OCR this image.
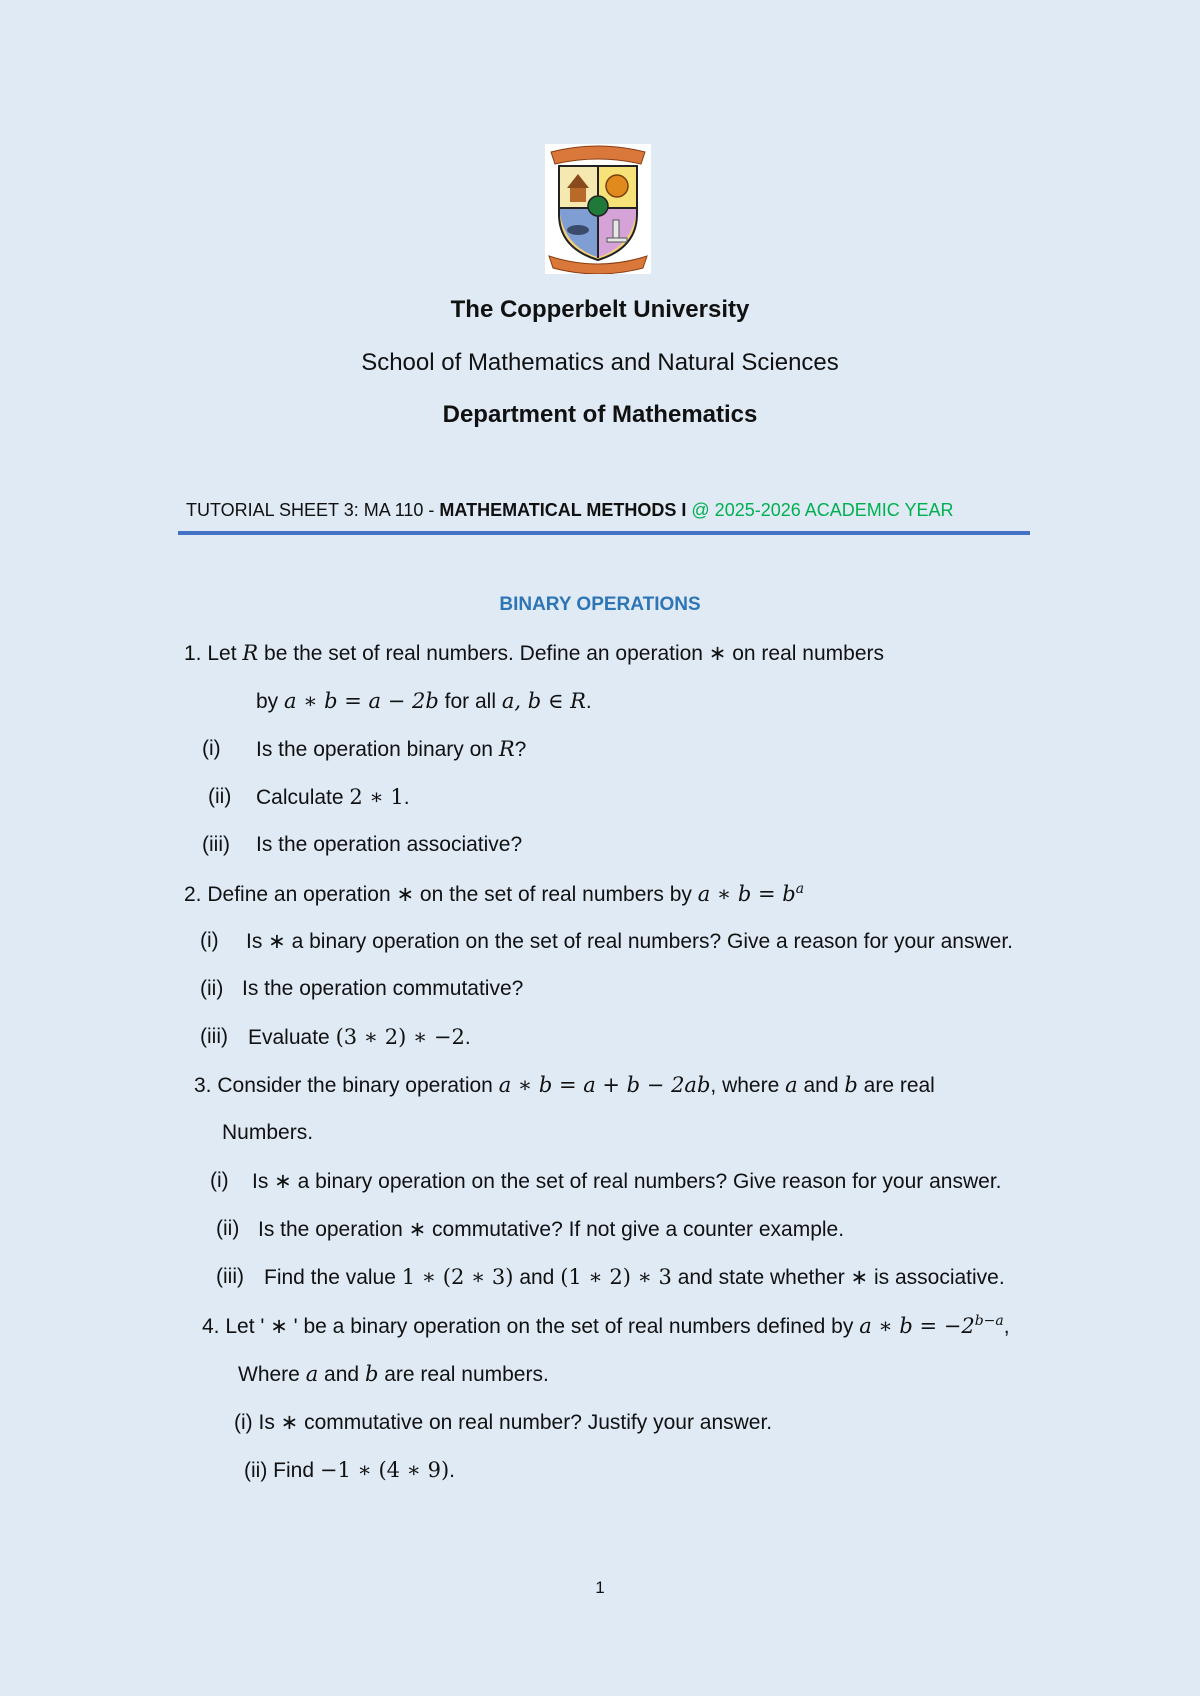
The Copperbelt University
School of Mathematics and Natural Sciences
Department of Mathematics
TUTORIAL SHEET 3: MA 110 - MATHEMATICAL METHODS I @ 2025-2026 ACADEMIC YEAR
BINARY OPERATIONS
1. Let R be the set of real numbers. Define an operation ∗ on real numbers
by a ∗ b = a − 2b for all a, b ∈ R.
(i) Is the operation binary on R?
(ii) Calculate 2 ∗ 1.
(iii) Is the operation associative?
2. Define an operation ∗ on the set of real numbers by a ∗ $b = b^a$
(i) Is ∗ a binary operation on the set of real numbers? Give a reason for your answer.
(ii) Is the operation commutative?
(iii) Evaluate (3 ∗ 2) ∗ −2.
3. Consider the binary operation a ∗ b = a + b − 2ab, where a and b are real
Numbers.
(i) Is ∗ a binary operation on the set of real numbers? Give reason for your answer.
(ii) Is the operation ∗ commutative? If not give a counter example.
(iii) Find the value 1 ∗ (2 ∗ 3) and (1 ∗ 2) ∗ 3 and state whether ∗ is associative.
4. Let ' ∗ ' be a binary operation on the set of real numbers defined by a ∗ $b = -2^{b-a}$,
Where a and b are real numbers.
(i) Is ∗ commutative on real number? Justify your answer.
(ii) Find −1 ∗ (4 ∗ 9).
1
